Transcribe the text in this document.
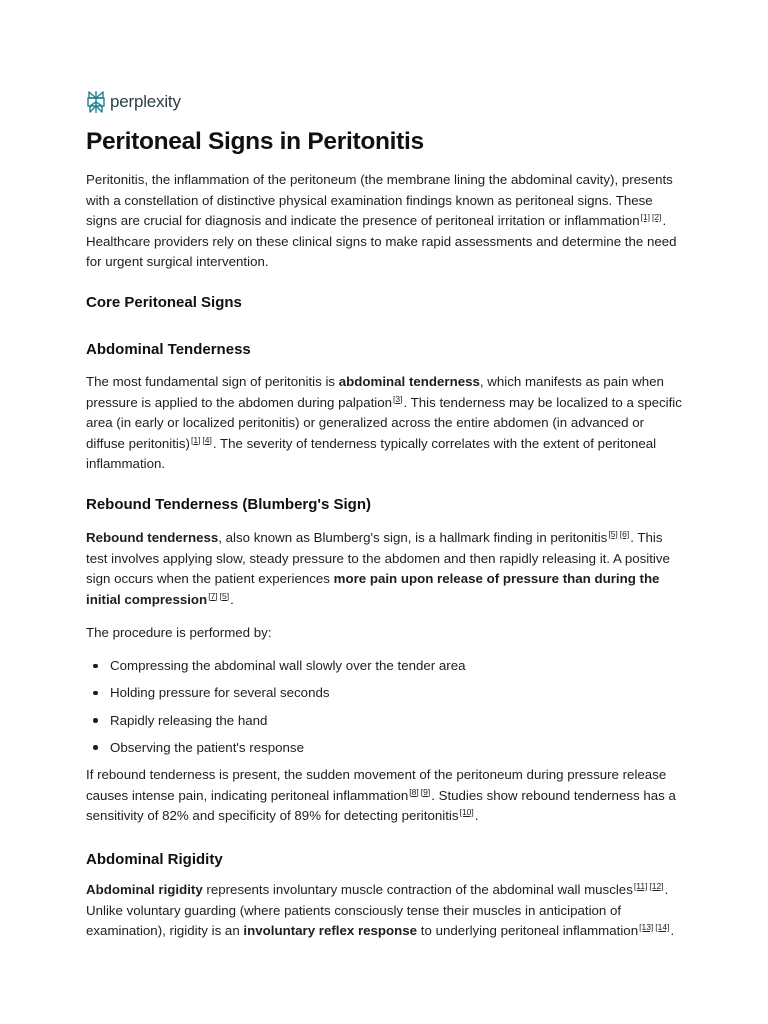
perplexity
Peritoneal Signs in Peritonitis

Peritonitis, the inflammation of the peritoneum (the membrane lining the abdominal cavity), presents with a constellation of distinctive physical examination findings known as peritoneal signs. These signs are crucial for diagnosis and indicate the presence of peritoneal irritation or inflammation[1] [2]. Healthcare providers rely on these clinical signs to make rapid assessments and determine the need for urgent surgical intervention.

Core Peritoneal Signs
Abdominal Tenderness

The most fundamental sign of peritonitis is abdominal tenderness, which manifests as pain when pressure is applied to the abdomen during palpation[3]. This tenderness may be localized to a specific area (in early or localized peritonitis) or generalized across the entire abdomen (in advanced or diffuse peritonitis)[1] [4]. The severity of tenderness typically correlates with the extent of peritoneal inflammation.

Rebound Tenderness (Blumberg's Sign)

Rebound tenderness, also known as Blumberg's sign, is a hallmark finding in peritonitis[5] [6]. This test involves applying slow, steady pressure to the abdomen and then rapidly releasing it. A positive sign occurs when the patient experiences more pain upon release of pressure than during the initial compression[7] [5].

The procedure is performed by:

Compressing the abdominal wall slowly over the tender area
Holding pressure for several seconds
Rapidly releasing the hand
Observing the patient's response

If rebound tenderness is present, the sudden movement of the peritoneum during pressure release causes intense pain, indicating peritoneal inflammation[8] [9]. Studies show rebound tenderness has a sensitivity of 82% and specificity of 89% for detecting peritonitis[10].

Abdominal Rigidity

Abdominal rigidity represents involuntary muscle contraction of the abdominal wall muscles[11] [12]. Unlike voluntary guarding (where patients consciously tense their muscles in anticipation of examination), rigidity is an involuntary reflex response to underlying peritoneal inflammation[13] [14].
